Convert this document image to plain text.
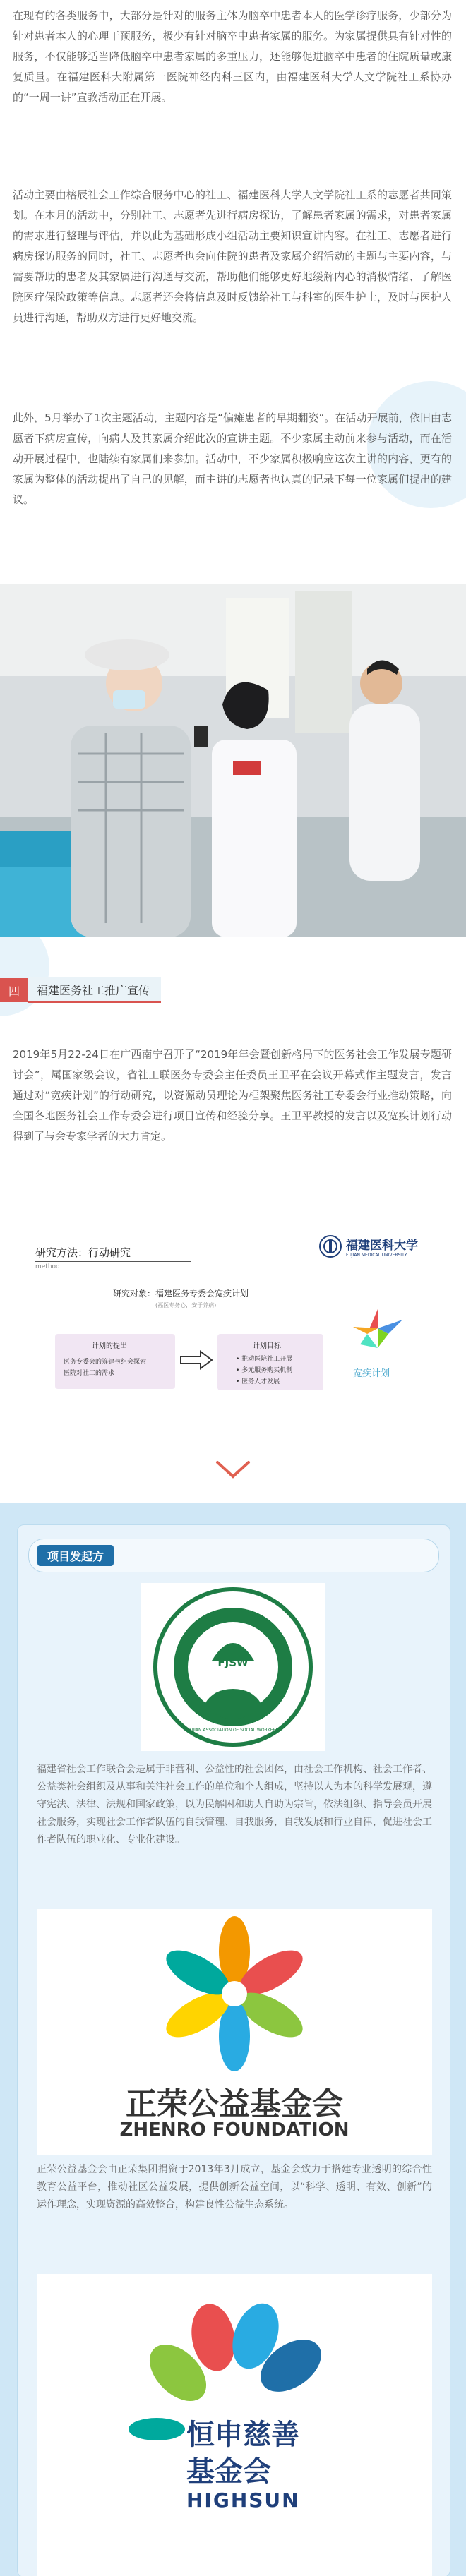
在现有的各类服务中，大部分是针对的服务主体为脑卒中患者本人的医学诊疗服务，少部分为针对患者本人的心理干预服务，极少有针对脑卒中患者家属的服务。为家属提供具有针对性的服务，不仅能够适当降低脑卒中患者家属的多重压力，还能够促进脑卒中患者的住院质量或康复质量。在福建医科大附属第一医院神经内科三区内，由福建医科大学人文学院社工系协办的“一周一讲”宣教活动正在开展。

活动主要由榕辰社会工作综合服务中心的社工、福建医科大学人文学院社工系的志愿者共同策划。在本月的活动中，分别社工、志愿者先进行病房探访，了解患者家属的需求，对患者家属的需求进行整理与评估，并以此为基础形成小组活动主要知识宣讲内容。在社工、志愿者进行病房探访服务的同时，社工、志愿者也会向住院的患者及家属介绍活动的主题与主要内容，与需要帮助的患者及其家属进行沟通与交流，帮助他们能够更好地缓解内心的消极情绪、了解医院医疗保险政策等信息。志愿者还会将信息及时反馈给社工与科室的医生护士，及时与医护人员进行沟通，帮助双方进行更好地交流。

此外，5月举办了1次主题活动，主题内容是“偏瘫患者的早期翻姿”。在活动开展前，依旧由志愿者下病房宣传，向病人及其家属介绍此次的宣讲主题。不少家属主动前来参与活动，而在活动开展过程中，也陆续有家属们来参加。活动中，不少家属积极响应这次主讲的内容，更有的家属为整体的活动提出了自己的见解，而主讲的志愿者也认真的记录下每一位家属们提出的建议。

四	福建医务社工推广宣传

2019年5月22-24日在广西南宁召开了“2019年年会暨创新格局下的医务社会工作发展专题研讨会”，属国家级会议，省社工联医务专委会主任委员王卫平在会议开幕式作主题发言，发言通过对“宽疾计划”的行动研究，以资源动员理论为框架聚焦医务社工专委会行业推动策略，向全国各地医务社会工作专委会进行项目宣传和经验分享。王卫平教授的发言以及宽疾计划行动得到了与会专家学者的大力肯定。

研究方法：行动研究
method
福建医科大学
FUJIAN MEDICAL UNIVERSITY
研究对象：福建医务专委会宽疾计划
(福医专务心，安于养病)
计划的提出
医务专委会的筹建与组会探索
医院对社工的需求
计划目标
• 推动医院社工开展
• 多元服务购买机制
• 医务人才发展
宽疾计划
项目发起方
FJSW
福建省社会工作联合会
FUJIAN ASSOCIATION OF SOCIAL WORKERS

福建省社会工作联合会是属于非营利、公益性的社会团体，由社会工作机构、社会工作者、公益类社会组织及从事和关注社会工作的单位和个人组成，坚持以人为本的科学发展观，遵守宪法、法律、法规和国家政策，以为民解困和助人自助为宗旨，依法组织、指导会员开展社会服务，实现社会工作者队伍的自我管理、自我服务，自我发展和行业自律，促进社会工作者队伍的职业化、专业化建设。

正荣公益基金会
ZHENRO FOUNDATION

正荣公益基金会由正荣集团捐资于2013年3月成立，基金会致力于搭建专业透明的综合性教育公益平台，推动社区公益发展，提供创新公益空间，以“科学、透明、有效、创新”的运作理念，实现资源的高效整合，构建良性公益生态系统。

恒申慈善
基金会
HIGHSUN
